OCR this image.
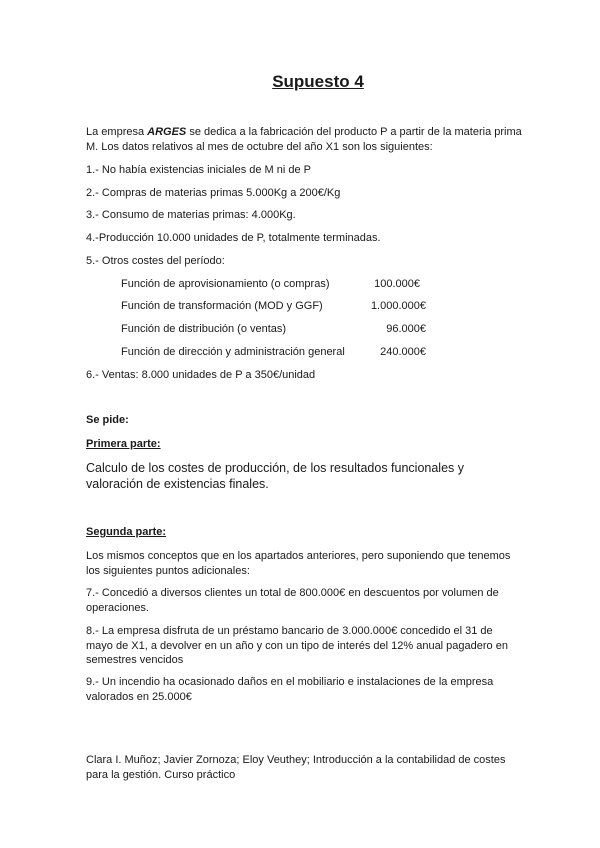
Supuesto 4
La empresa ARGES se dedica a la fabricación del producto P a partir de la materia prima M. Los datos relativos al mes de octubre del año X1 son los siguientes:
1.- No había existencias iniciales de M ni de P
2.- Compras de materias primas 5.000Kg a 200€/Kg
3.- Consumo de materias primas: 4.000Kg.
4.-Producción 10.000 unidades de P, totalmente terminadas.
5.- Otros costes del período:
Función de aprovisionamiento (o compras)	100.000€
Función de transformación (MOD y GGF)	1.000.000€
Función de distribución (o ventas)	96.000€
Función de dirección y administración general	240.000€
6.- Ventas: 8.000 unidades de P a 350€/unidad
Se pide:
Primera parte:
Calculo de los costes de producción, de los resultados funcionales y valoración de existencias finales.
Segunda parte:
Los mismos conceptos que en los apartados anteriores, pero suponiendo que tenemos los siguientes puntos adicionales:
7.- Concedió a diversos clientes un total de 800.000€ en descuentos por volumen de operaciones.
8.- La empresa disfruta de un préstamo bancario de 3.000.000€ concedido el 31 de mayo de X1, a devolver en un año y con un tipo de interés del 12% anual pagadero en semestres vencidos
9.- Un incendio ha ocasionado daños en el mobiliario e instalaciones de la empresa valorados en 25.000€
Clara I. Muñoz; Javier Zornoza; Eloy Veuthey; Introducción a la contabilidad de costes para la gestión. Curso práctico
